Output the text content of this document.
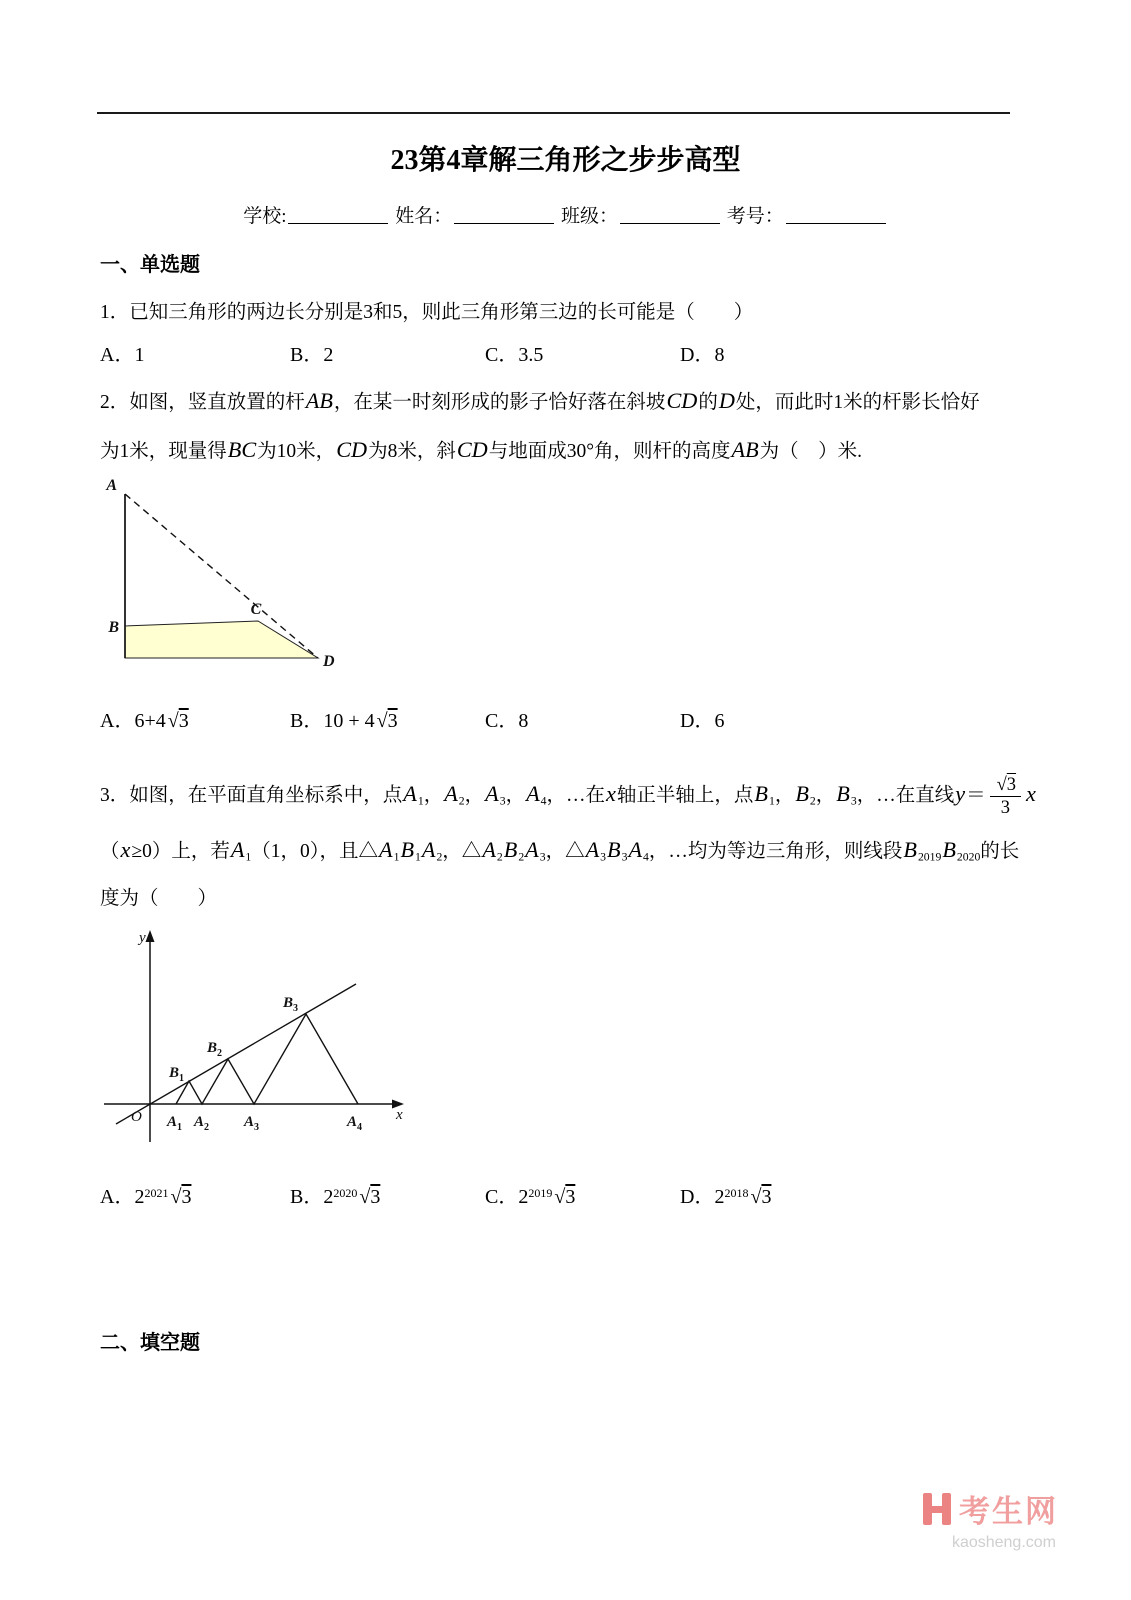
23第4章解三角形之步步高型
学校:	姓名：	班级：	考号：
一、单选题
1．已知三角形的两边长分别是3和5，则此三角形第三边的长可能是（　　）
A．1	B．2	C．3.5	D．8
2．如图，竖直放置的杆AB，在某一时刻形成的影子恰好落在斜坡CD的D处，而此时1米的杆影长恰好
为1米，现量得BC为10米，CD为8米，斜CD与地面成30°角，则杆的高度AB为（　）米.
A
B
C
D
A．6+4 √3	B．10 + 4 √3	C．8	D．6
3．如图，在平面直角坐标系中，点$A_1$，$A_2$，$A_3$，$A_4$，…在x轴正半轴上，点$B_1$，$B_2$，$B_3$，…在直线$y= \frac{√3}{3}$ x
（x≥0）上，若$A_1(1$，0），且$\triangle A_1B_1A_2$，$\triangle A_2B_2A_3$，$\triangle A_3B_3A_4$，…均为等边三角形，则线段$B_{2019}B_{2020}$的长
度为（　　）
y
x
O $A_1$ $A_2$ $A_3$	$A_4$
$B_1$
$B_2$
$B_3$
A．$2^{2021}$ √3	B．$2^{2020}$ √3	C．$2^{2019}$ √3	D．$2^{2018}$ √3
二、填空题
考生网
kaosheng.com
